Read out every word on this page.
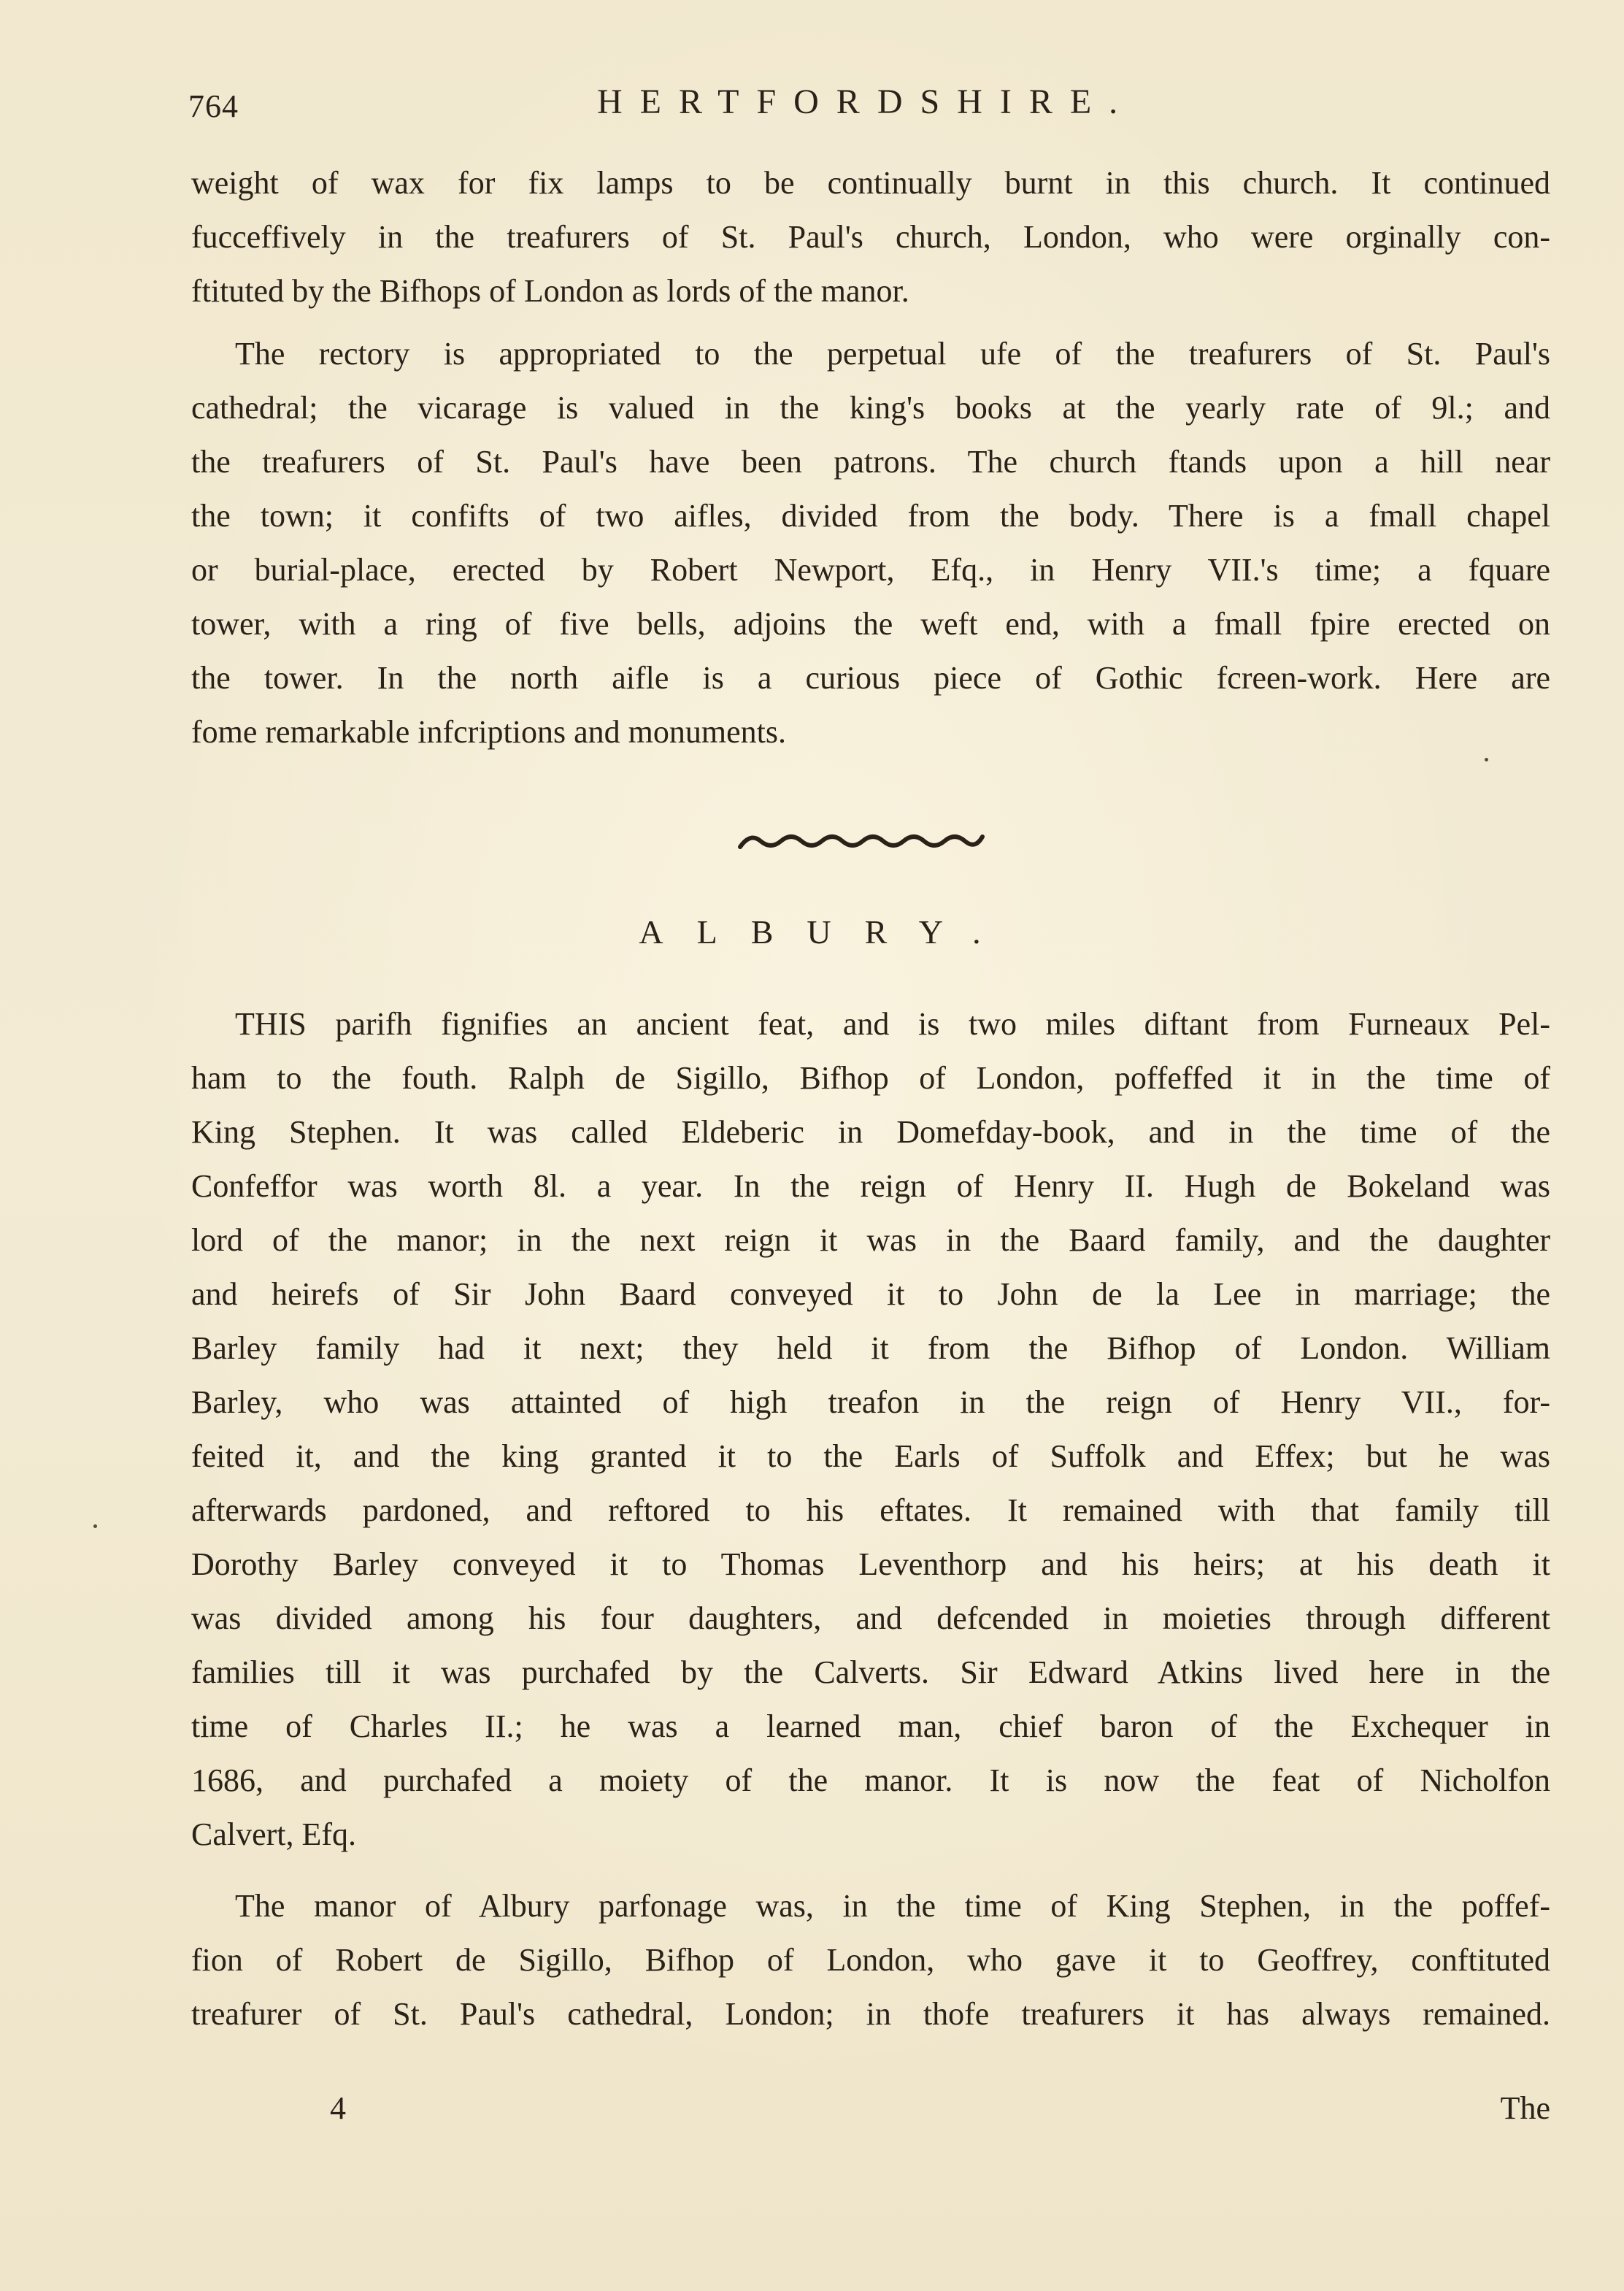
764	HERTFORDSHIRE.
weight of wax for fix lamps to be continually burnt in this church. It continued
fucceffively in the treafurers of St. Paul's church, London, who were orginally con-
ftituted by the Bifhops of London as lords of the manor.
The rectory is appropriated to the perpetual ufe of the treafurers of St. Paul's
cathedral; the vicarage is valued in the king's books at the yearly rate of 9l.; and
the treafurers of St. Paul's have been patrons. The church ftands upon a hill near
the town; it confifts of two aifles, divided from the body. There is a fmall chapel
or burial-place, erected by Robert Newport, Efq., in Henry VII.'s time; a fquare
tower, with a ring of five bells, adjoins the weft end, with a fmall fpire erected on
the tower. In the north aifle is a curious piece of Gothic fcreen-work. Here are
fome remarkable infcriptions and monuments.
ALBURY.
THIS parifh fignifies an ancient feat, and is two miles diftant from Furneaux Pel-
ham to the fouth. Ralph de Sigillo, Bifhop of London, poffeffed it in the time of
King Stephen. It was called Eldeberic in Domefday-book, and in the time of the
Confeffor was worth 8l. a year. In the reign of Henry II. Hugh de Bokeland was
lord of the manor; in the next reign it was in the Baard family, and the daughter
and heirefs of Sir John Baard conveyed it to John de la Lee in marriage; the
Barley family had it next; they held it from the Bifhop of London. William
Barley, who was attainted of high treafon in the reign of Henry VII., for-
feited it, and the king granted it to the Earls of Suffolk and Effex; but he was
afterwards pardoned, and reftored to his eftates. It remained with that family till
Dorothy Barley conveyed it to Thomas Leventhorp and his heirs; at his death it
was divided among his four daughters, and defcended in moieties through different
families till it was purchafed by the Calverts. Sir Edward Atkins lived here in the
time of Charles II.; he was a learned man, chief baron of the Exchequer in
1686, and purchafed a moiety of the manor. It is now the feat of Nicholfon
Calvert, Efq.
The manor of Albury parfonage was, in the time of King Stephen, in the poffef-
fion of Robert de Sigillo, Bifhop of London, who gave it to Geoffrey, conftituted
treafurer of St. Paul's cathedral, London; in thofe treafurers it has always remained.
4	The
